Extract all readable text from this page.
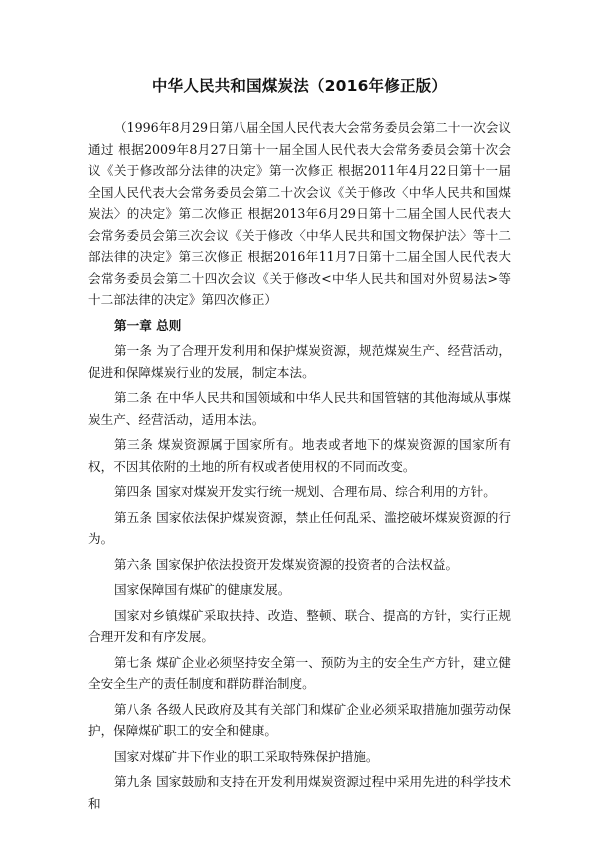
中华人民共和国煤炭法（2016年修正版）

（1996年8月29日第八届全国人民代表大会常务委员会第二十一次会议通过 根据2009年8月27日第十一届全国人民代表大会常务委员会第十次会议《关于修改部分法律的决定》第一次修正 根据2011年4月22日第十一届全国人民代表大会常务委员会第二十次会议《关于修改〈中华人民共和国煤炭法〉的决定》第二次修正 根据2013年6月29日第十二届全国人民代表大会常务委员会第三次会议《关于修改〈中华人民共和国文物保护法〉等十二部法律的决定》第三次修正 根据2016年11月7日第十二届全国人民代表大会常务委员会第二十四次会议《关于修改<中华人民共和国对外贸易法>等十二部法律的决定》第四次修正）

第一章 总则

第一条 为了合理开发利用和保护煤炭资源，规范煤炭生产、经营活动，促进和保障煤炭行业的发展，制定本法。

第二条 在中华人民共和国领域和中华人民共和国管辖的其他海域从事煤炭生产、经营活动，适用本法。

第三条 煤炭资源属于国家所有。地表或者地下的煤炭资源的国家所有权，不因其依附的土地的所有权或者使用权的不同而改变。

第四条 国家对煤炭开发实行统一规划、合理布局、综合利用的方针。

第五条 国家依法保护煤炭资源，禁止任何乱采、滥挖破坏煤炭资源的行为。

第六条 国家保护依法投资开发煤炭资源的投资者的合法权益。

国家保障国有煤矿的健康发展。

国家对乡镇煤矿采取扶持、改造、整顿、联合、提高的方针，实行正规合理开发和有序发展。

第七条 煤矿企业必须坚持安全第一、预防为主的安全生产方针，建立健全安全生产的责任制度和群防群治制度。

第八条 各级人民政府及其有关部门和煤矿企业必须采取措施加强劳动保护，保障煤矿职工的安全和健康。

国家对煤矿井下作业的职工采取特殊保护措施。

第九条 国家鼓励和支持在开发利用煤炭资源过程中采用先进的科学技术和
